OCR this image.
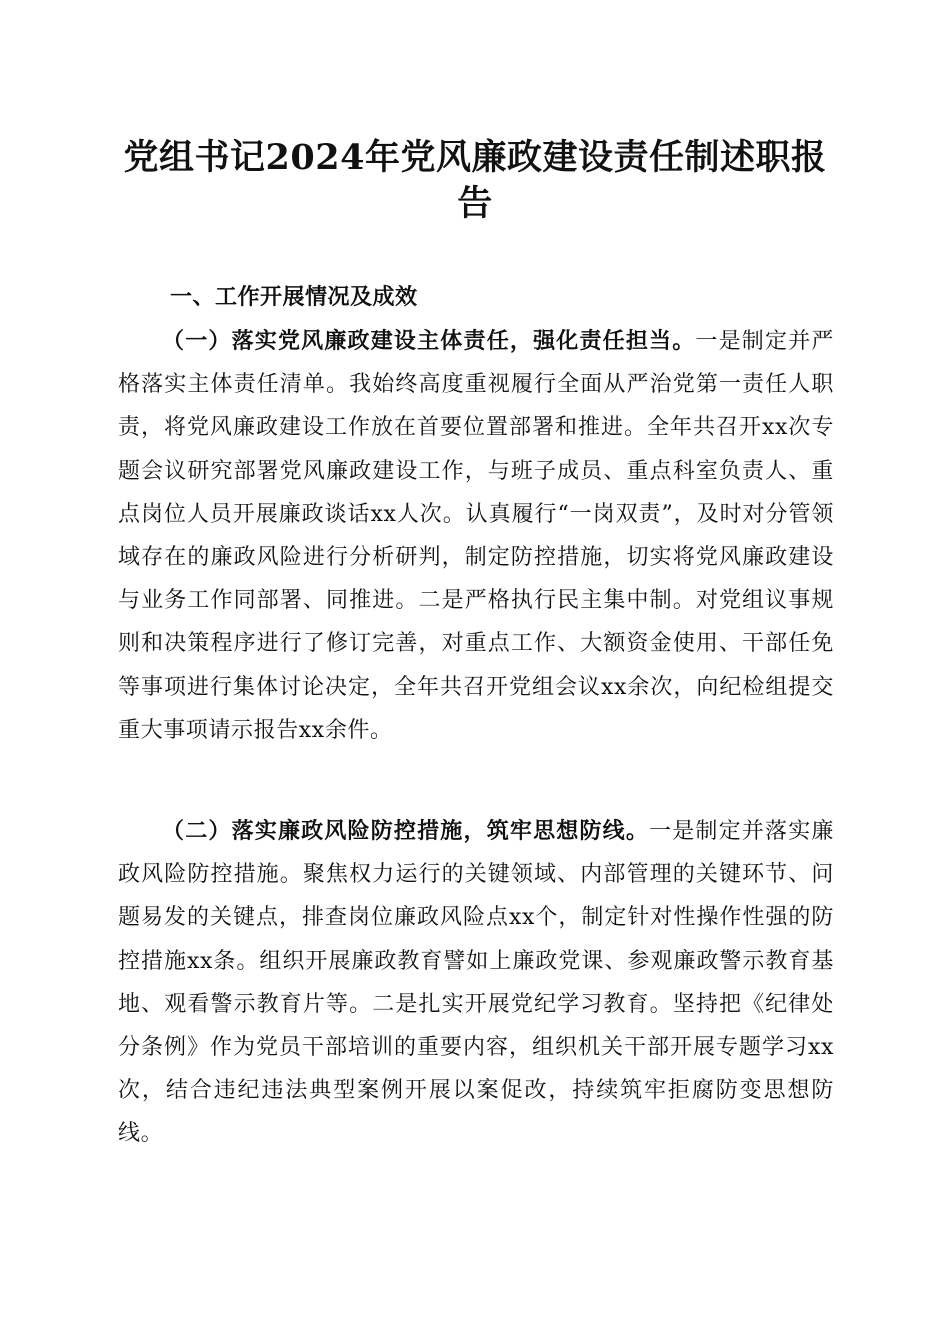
党组书记2024年党风廉政建设责任制述职报告
一、工作开展情况及成效

（一）落实党风廉政建设主体责任，强化责任担当。一是制定并严格落实主体责任清单。我始终高度重视履行全面从严治党第一责任人职责，将党风廉政建设工作放在首要位置部署和推进。全年共召开xx次专题会议研究部署党风廉政建设工作，与班子成员、重点科室负责人、重点岗位人员开展廉政谈话xx人次。认真履行“一岗双责”，及时对分管领域存在的廉政风险进行分析研判，制定防控措施，切实将党风廉政建设与业务工作同部署、同推进。二是严格执行民主集中制。对党组议事规则和决策程序进行了修订完善，对重点工作、大额资金使用、干部任免等事项进行集体讨论决定，全年共召开党组会议xx余次，向纪检组提交重大事项请示报告xx余件。

（二）落实廉政风险防控措施，筑牢思想防线。一是制定并落实廉政风险防控措施。聚焦权力运行的关键领域、内部管理的关键环节、问题易发的关键点，排查岗位廉政风险点xx个，制定针对性操作性强的防控措施xx条。组织开展廉政教育譬如上廉政党课、参观廉政警示教育基地、观看警示教育片等。二是扎实开展党纪学习教育。坚持把《纪律处分条例》作为党员干部培训的重要内容，组织机关干部开展专题学习xx次，结合违纪违法典型案例开展以案促改，持续筑牢拒腐防变思想防线。
